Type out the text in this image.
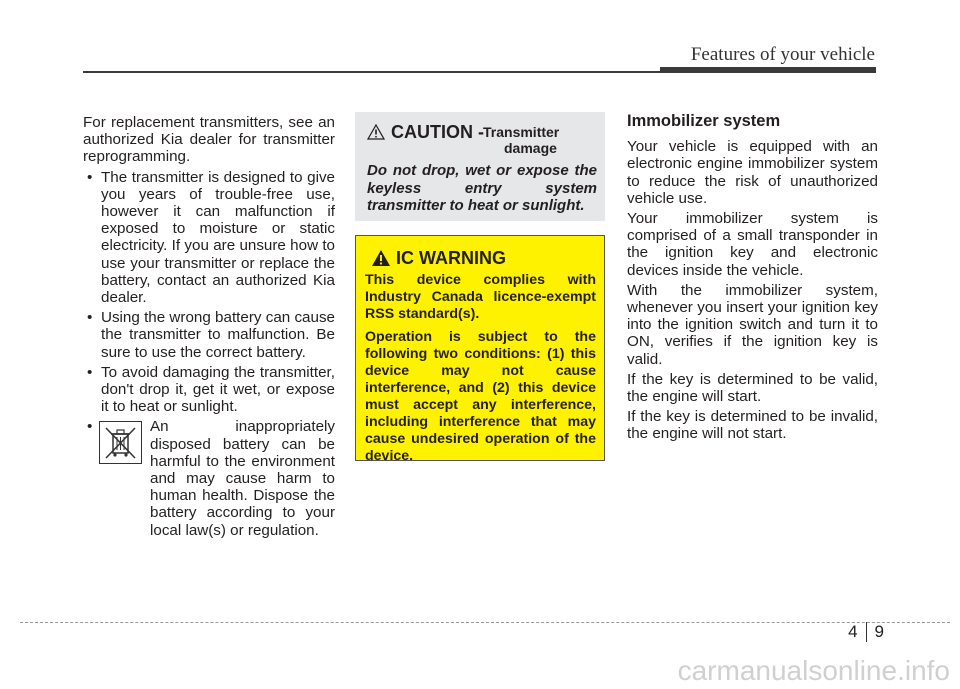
Features of your vehicle

For replacement transmitters, see an authorized Kia dealer for transmitter reprogramming.

• The transmitter is designed to give you years of trouble-free use, however it can malfunction if exposed to moisture or static electricity. If you are unsure how to use your transmitter or replace the battery, contact an authorized Kia dealer.
• Using the wrong battery can cause the transmitter to malfunction. Be sure to use the correct battery.
• To avoid damaging the transmitter, don't drop it, get it wet, or expose it to heat or sunlight.
•	An inappropriately disposed battery can be harmful to the environment and may cause harm to human health. Dispose the battery according to your local law(s) or regulation.
CAUTION - Transmitter
damage

Do not drop, wet or expose the keyless entry system transmitter to heat or sunlight.

IC WARNING

This device complies with Industry Canada licence-exempt RSS standard(s).

Operation is subject to the following two conditions: (1) this device may not cause interference, and (2) this device must accept any interference, including interference that may cause undesired operation of the device.

Immobilizer system

Your vehicle is equipped with an electronic engine immobilizer system to reduce the risk of unauthorized vehicle use.

Your immobilizer system is comprised of a small transponder in the ignition key and electronic devices inside the vehicle.

With the immobilizer system, whenever you insert your ignition key into the ignition switch and turn it to ON, verifies if the ignition key is valid.

If the key is determined to be valid, the engine will start.

If the key is determined to be invalid, the engine will not start.

4	9
carmanualsonline.info
